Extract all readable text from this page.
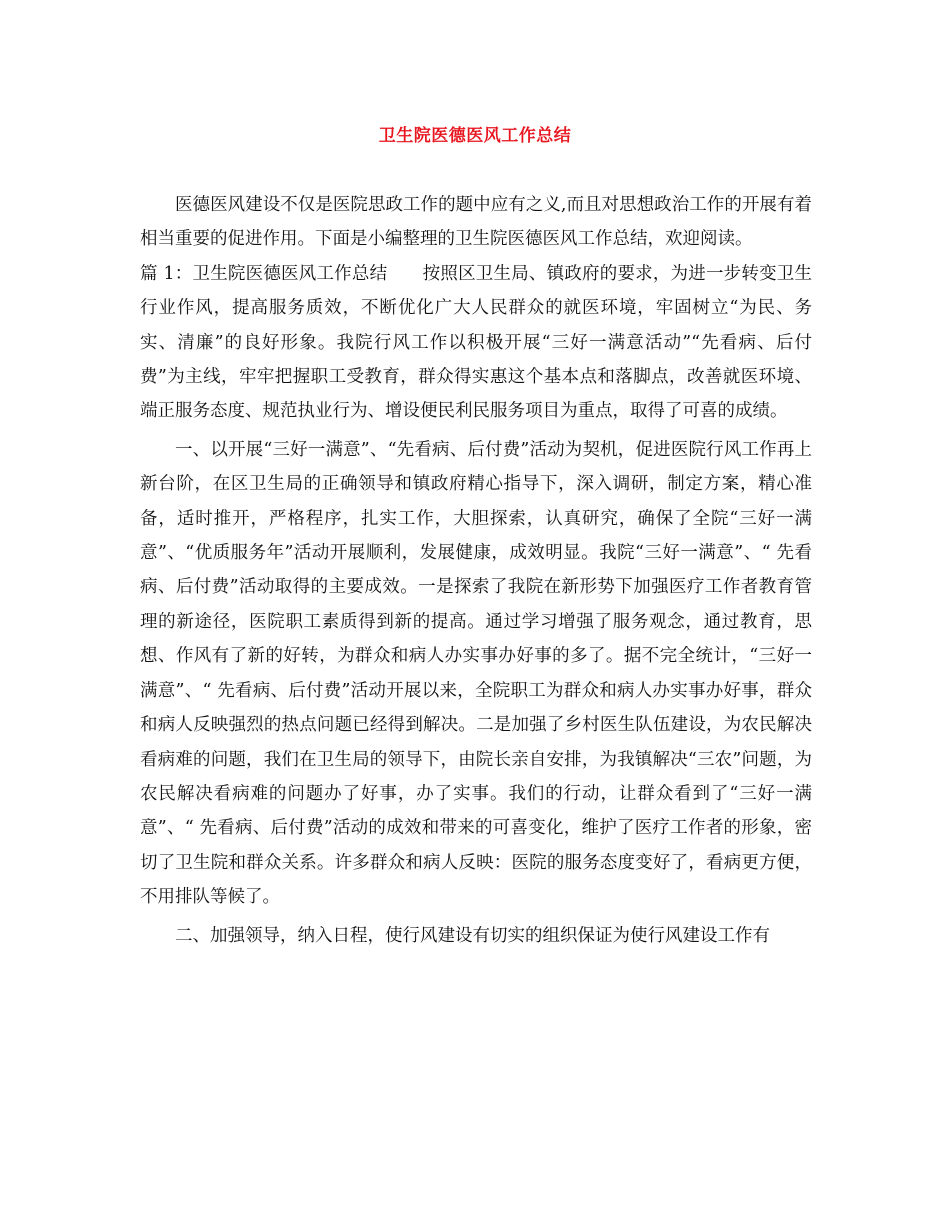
卫生院医德医风工作总结

医德医风建设不仅是医院思政工作的题中应有之义,而且对思想政治工作的开展有着相当重要的促进作用。下面是小编整理的卫生院医德医风工作总结，欢迎阅读。

篇 1：卫生院医德医风工作总结　　按照区卫生局、镇政府的要求，为进一步转变卫生行业作风，提高服务质效，不断优化广大人民群众的就医环境，牢固树立“为民、务实、清廉”的良好形象。我院行风工作以积极开展“三好一满意活动”“先看病、后付费”为主线，牢牢把握职工受教育，群众得实惠这个基本点和落脚点，改善就医环境、端正服务态度、规范执业行为、增设便民利民服务项目为重点，取得了可喜的成绩。

一、以开展“三好一满意”、“先看病、后付费”活动为契机，促进医院行风工作再上新台阶，在区卫生局的正确领导和镇政府精心指导下，深入调研，制定方案，精心准备，适时推开，严格程序，扎实工作，大胆探索，认真研究，确保了全院“三好一满意”、“优质服务年”活动开展顺利，发展健康，成效明显。我院“三好一满意”、“ 先看病、后付费”活动取得的主要成效。一是探索了我院在新形势下加强医疗工作者教育管理的新途径，医院职工素质得到新的提高。通过学习增强了服务观念，通过教育，思想、作风有了新的好转，为群众和病人办实事办好事的多了。据不完全统计，“三好一满意”、“ 先看病、后付费”活动开展以来，全院职工为群众和病人办实事办好事，群众和病人反映强烈的热点问题已经得到解决。二是加强了乡村医生队伍建设，为农民解决看病难的问题，我们在卫生局的领导下，由院长亲自安排，为我镇解决“三农”问题，为农民解决看病难的问题办了好事，办了实事。我们的行动，让群众看到了“三好一满意”、“ 先看病、后付费”活动的成效和带来的可喜变化，维护了医疗工作者的形象，密切了卫生院和群众关系。许多群众和病人反映：医院的服务态度变好了，看病更方便，不用排队等候了。

二、加强领导，纳入日程，使行风建设有切实的组织保证为使行风建设工作有
